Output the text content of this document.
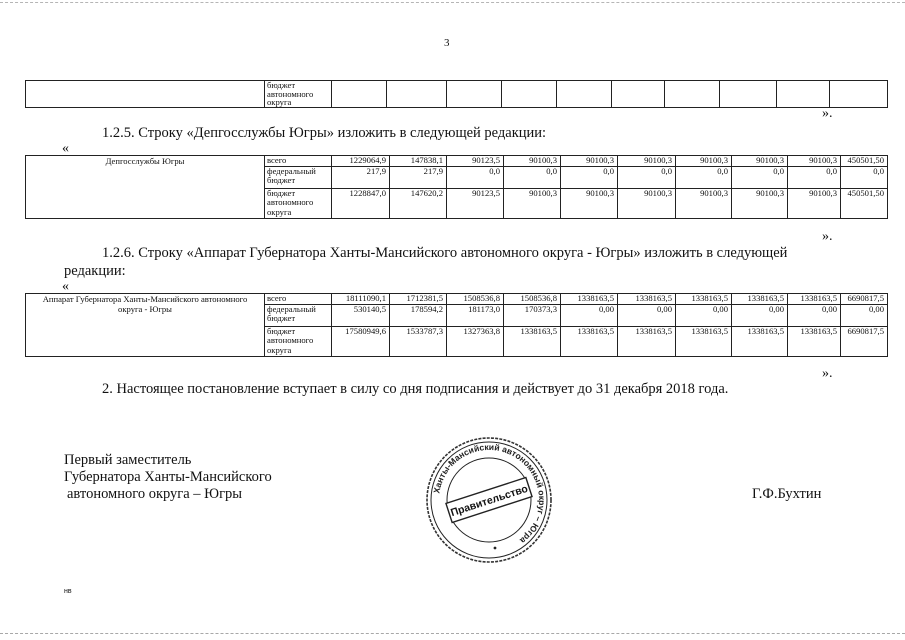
3
	бюджет
автономного
округа										
».
1.2.5. Строку «Депгосслужбы Югры» изложить в следующей редакции:
«
Депгосслужбы Югры	всего	1229064,9	147838,1	90123,5	90100,3	90100,3	90100,3	90100,3	90100,3	90100,3	450501,50
	федеральный бюджет	217,9	217,9	0,0	0,0	0,0	0,0	0,0	0,0	0,0	0,0
	бюджет автономного округа	1228847,0	147620,2	90123,5	90100,3	90100,3	90100,3	90100,3	90100,3	90100,3	450501,50
».
1.2.6. Строку «Аппарат Губернатора Ханты-Мансийского автономного округа - Югры» изложить в следующей
редакции:
«
Аппарат Губернатора Ханты-Мансийского автономного округа - Югры	всего	18111090,1	1712381,5	1508536,8	1508536,8	1338163,5	1338163,5	1338163,5	1338163,5	1338163,5	6690817,5
	федеральный бюджет	530140,5	178594,2	181173,0	170373,3	0,00	0,00	0,00	0,00	0,00	0,00
	бюджет автономного округа	17580949,6	1533787,3	1327363,8	1338163,5	1338163,5	1338163,5	1338163,5	1338163,5	1338163,5	6690817,5
».
2. Настоящее постановление вступает в силу со дня подписания и действует до 31 декабря 2018 года.
Первый заместитель
Губернатора Ханты-Мансийского
автономного округа – Югры	Г.Ф.Бухтин
Ханты-Мансийский автономный округ – Югра
Правительство
нв
